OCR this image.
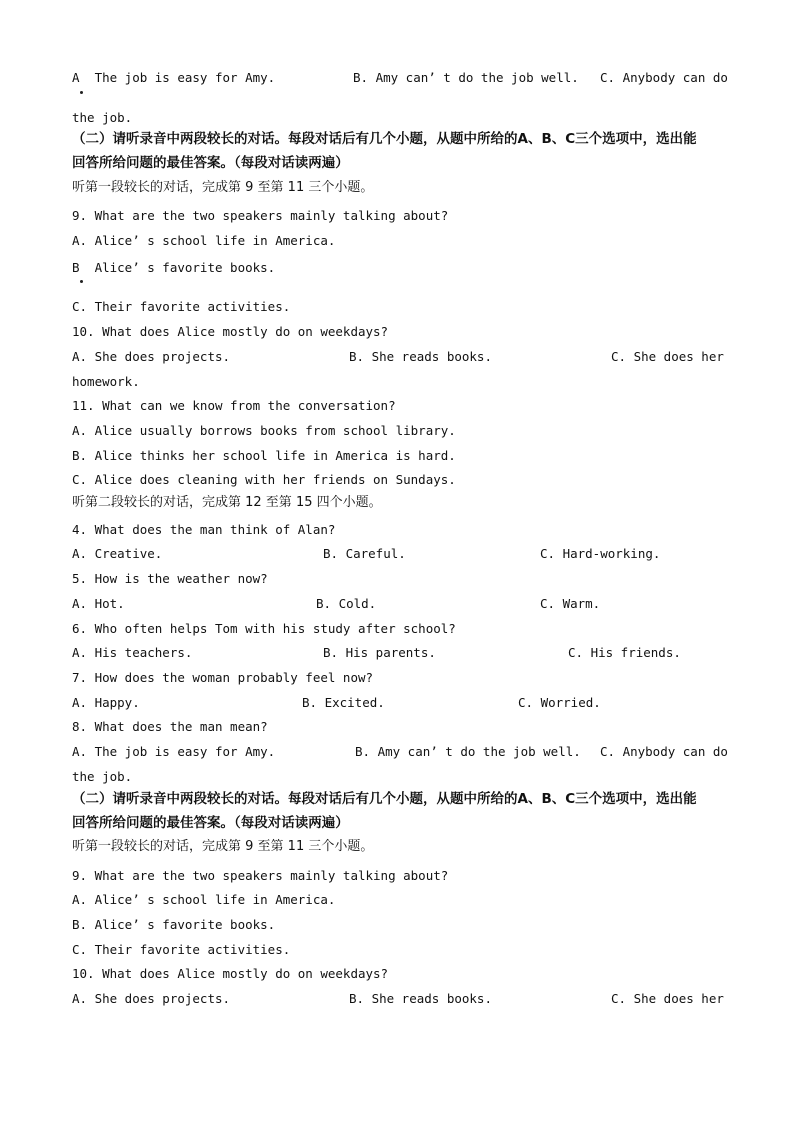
A  The job is easy for Amy.	B. Amy can’ t do the job well. C. Anybody can do
the job.
（二）请听录音中两段较长的对话。每段对话后有几个小题，从题中所给的A、B、C三个选项中，选出能
回答所给问题的最佳答案。（每段对话读两遍）
听第一段较长的对话，完成第 9 至第 11 三个小题。
9. What are the two speakers mainly talking about?
A. Alice’ s school life in America.
B  Alice’ s favorite books.
C. Their favorite activities.
10. What does Alice mostly do on weekdays?
A. She does projects.	B. She reads books.	C. She does her
homework.
11. What can we know from the conversation?
A. Alice usually borrows books from school library.
B. Alice thinks her school life in America is hard.
C. Alice does cleaning with her friends on Sundays.
听第二段较长的对话，完成第 12 至第 15 四个小题。
4. What does the man think of Alan?
A. Creative.	B. Careful.	C. Hard-working.
5. How is the weather now?
A. Hot.	B. Cold.	C. Warm.
6. Who often helps Tom with his study after school?
A. His teachers.	B. His parents.	C. His friends.
7. How does the woman probably feel now?
A. Happy.	B. Excited.	C. Worried.
8. What does the man mean?
A. The job is easy for Amy.	B. Amy can’ t do the job well. C. Anybody can do
the job.
（二）请听录音中两段较长的对话。每段对话后有几个小题，从题中所给的A、B、C三个选项中，选出能
回答所给问题的最佳答案。（每段对话读两遍）
听第一段较长的对话，完成第 9 至第 11 三个小题。
9. What are the two speakers mainly talking about?
A. Alice’ s school life in America.
B. Alice’ s favorite books.
C. Their favorite activities.
10. What does Alice mostly do on weekdays?
A. She does projects.	B. She reads books.	C. She does her
